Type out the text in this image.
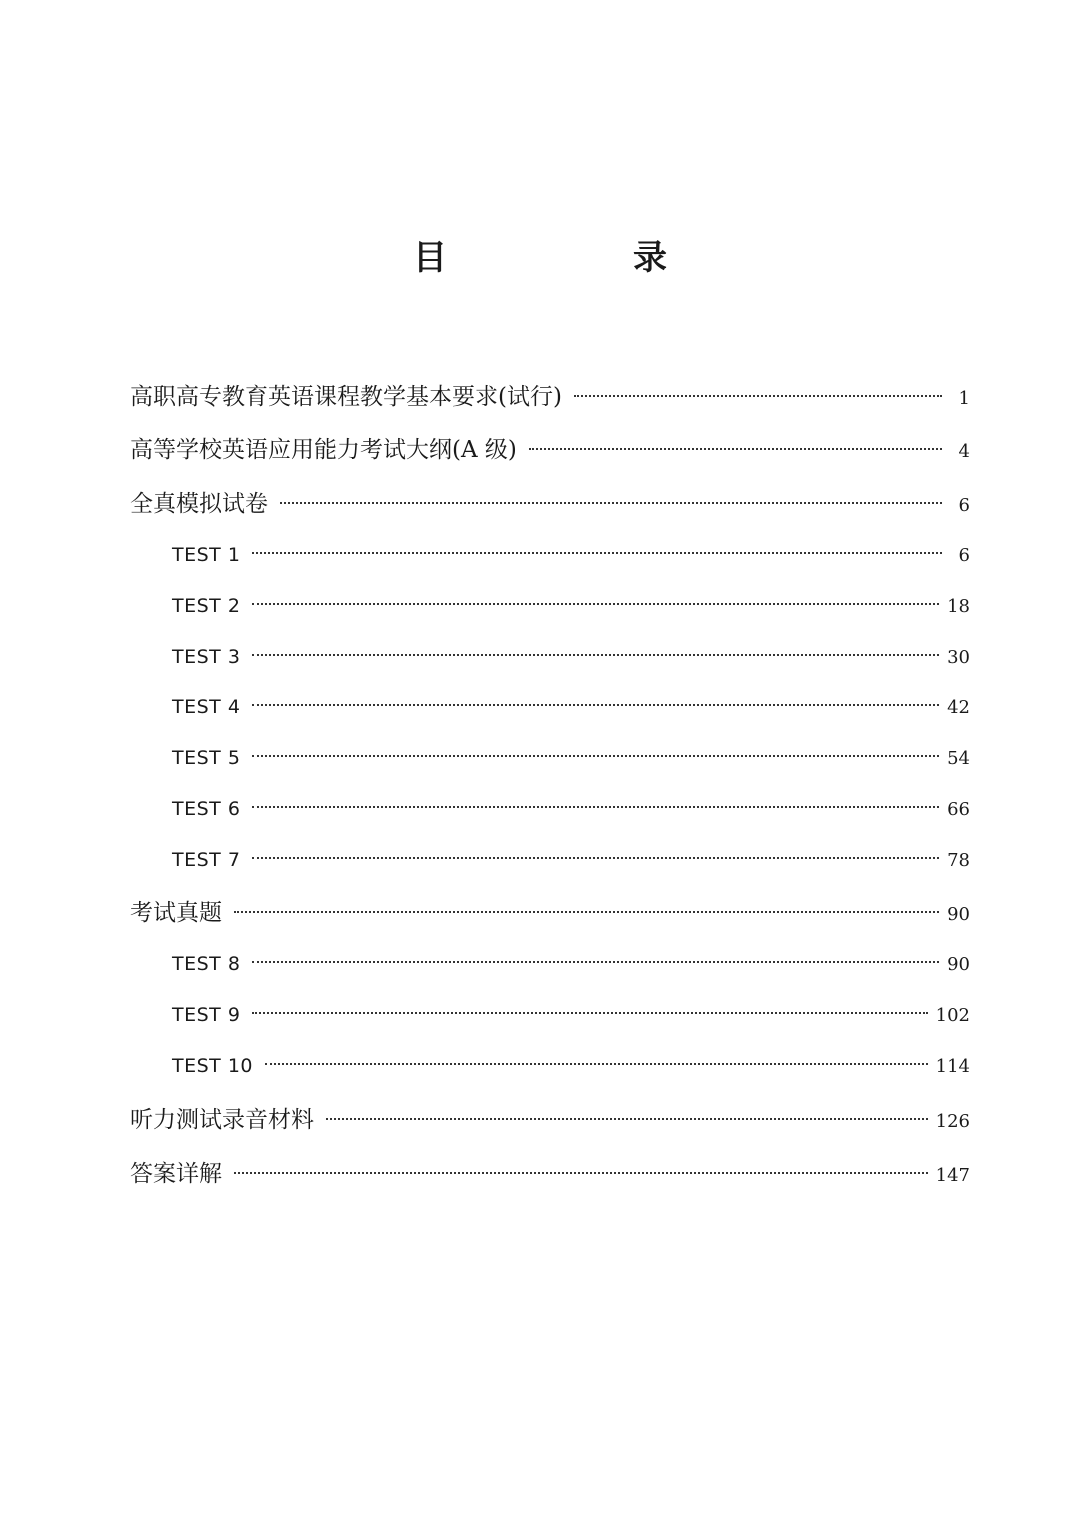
目　录
高职高专教育英语课程教学基本要求(试行)	1
高等学校英语应用能力考试大纲(A 级)	4
全真模拟试卷	6
TEST 1	6
TEST 2	18
TEST 3	30
TEST 4	42
TEST 5	54
TEST 6	66
TEST 7	78
考试真题	90
TEST 8	90
TEST 9	102
TEST 10	114
听力测试录音材料	126
答案详解	147
